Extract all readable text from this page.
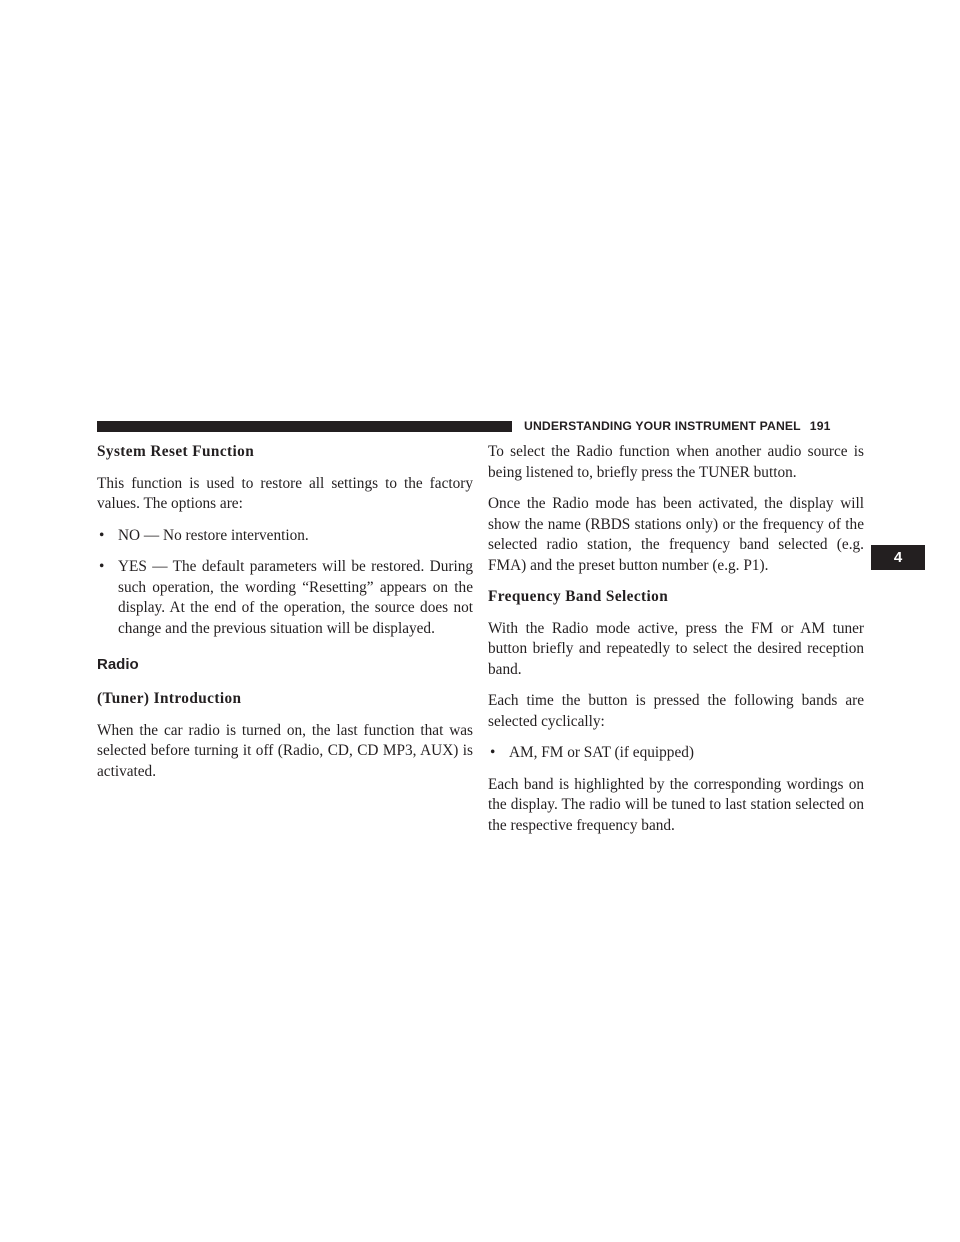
UNDERSTANDING YOUR INSTRUMENT PANEL 191
4

System Reset Function

This function is used to restore all settings to the factory values. The options are:

• NO — No restore intervention.

• YES — The default parameters will be restored. During such operation, the wording “Resetting” appears on the display. At the end of the operation, the source does not change and the previous situation will be displayed.

Radio

(Tuner) Introduction

When the car radio is turned on, the last function that was selected before turning it off (Radio, CD, CD MP3, AUX) is activated.

To select the Radio function when another audio source is being listened to, briefly press the TUNER button.

Once the Radio mode has been activated, the display will show the name (RBDS stations only) or the frequency of the selected radio station, the frequency band selected (e.g. FMA) and the preset button number (e.g. P1).

Frequency Band Selection

With the Radio mode active, press the FM or AM tuner button briefly and repeatedly to select the desired reception band.

Each time the button is pressed the following bands are selected cyclically:

• AM, FM or SAT (if equipped)

Each band is highlighted by the corresponding wordings on the display. The radio will be tuned to last station selected on the respective frequency band.
